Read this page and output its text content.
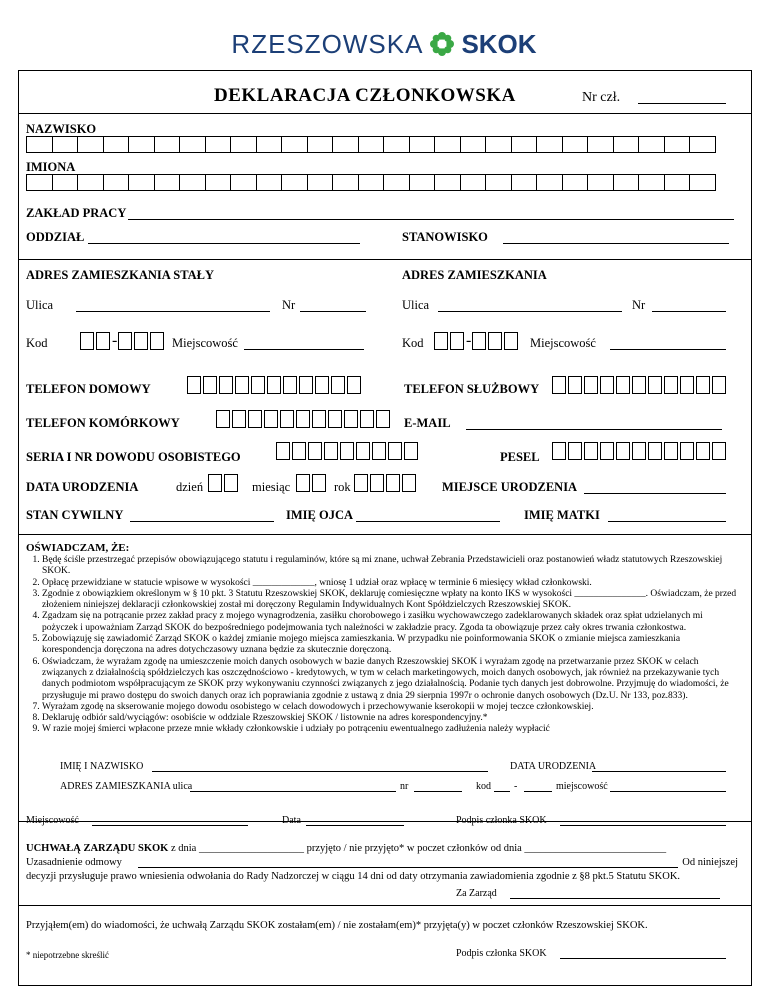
RZESZOWSKA SKOK
DEKLARACJA CZŁONKOWSKA	Nr czł.
NAZWISKO
IMIONA
ZAKŁAD PRACY
ODDZIAŁ	STANOWISKO
ADRES ZAMIESZKANIA STAŁY	ADRES ZAMIESZKANIA
Ulica	Nr	Ulica	Nr
Kod	-	Miejscowość	Kod	-	Miejscowość
TELEFON DOMOWY	TELEFON SŁUŻBOWY
TELEFON KOMÓRKOWY	E-MAIL
SERIA I NR DOWODU OSOBISTEGO	PESEL
DATA URODZENIA	dzień	miesiąc	rok	MIEJSCE URODZENIA
STAN CYWILNY	IMIĘ OJCA	IMIĘ MATKI
OŚWIADCZAM, ŻE:
1. Będę ściśle przestrzegać przepisów obowiązującego statutu i regulaminów, które są mi znane, uchwał Zebrania Przedstawicieli oraz postanowień władz statutowych Rzeszowskiej SKOK.
2. Opłacę przewidziane w statucie wpisowe w wysokości _____________, wniosę 1 udział oraz wpłacę w terminie 6 miesięcy wkład członkowski.
3. Zgodnie z obowiązkiem określonym w § 10 pkt. 3 Statutu Rzeszowskiej SKOK, deklaruję comiesięczne wpłaty na konto IKS w wysokości _______________. Oświadczam, że przed złożeniem niniejszej deklaracji członkowskiej został mi doręczony Regulamin Indywidualnych Kont Spółdzielczych Rzeszowskiej SKOK.
4. Zgadzam się na potrącanie przez zakład pracy z mojego wynagrodzenia, zasiłku chorobowego i zasiłku wychowawczego zadeklarowanych składek oraz spłat udzielanych mi pożyczek i upoważniam Zarząd SKOK do bezpośredniego podejmowania tych należności w zakładzie pracy. Zgoda ta obowiązuje przez cały okres trwania członkostwa.
5. Zobowiązuję się zawiadomić Zarząd SKOK o każdej zmianie mojego miejsca zamieszkania. W przypadku nie poinformowania SKOK o zmianie miejsca zamieszkania korespondencja doręczona na adres dotychczasowy uznana będzie za skutecznie doręczoną.
6. Oświadczam, że wyrażam zgodę na umieszczenie moich danych osobowych w bazie danych Rzeszowskiej SKOK i wyrażam zgodę na przetwarzanie przez SKOK w celach związanych z działalnością spółdzielczych kas oszczędnościowo - kredytowych, w tym w celach marketingowych, moich danych osobowych, jak również na przekazywanie tych danych podmiotom współpracującym ze SKOK przy wykonywaniu czynności związanych z jego działalnością. Podanie tych danych jest dobrowolne. Przyjmuję do wiadomości, że przysługuje mi prawo dostępu do swoich danych oraz ich poprawiania zgodnie z ustawą z dnia 29 sierpnia 1997r o ochronie danych osobowych (Dz.U. Nr 133, poz.833).
7. Wyrażam zgodę na skserowanie mojego dowodu osobistego w celach dowodowych i przechowywanie kserokopii w mojej teczce członkowskiej.
8. Deklaruję odbiór sald/wyciągów: osobiście w oddziale Rzeszowskiej SKOK / listownie na adres korespondencyjny.*
9. W razie mojej śmierci wpłacone przeze mnie wkłady członkowskie i udziały po potrąceniu ewentualnego zadłużenia należy wypłacić
IMIĘ I NAZWISKO	DATA URODZENIA
ADRES ZAMIESZKANIA ulica	nr	kod -	miejscowość
Miejscowość	Data	Podpis członka SKOK
UCHWAŁĄ ZARZĄDU SKOK z dnia ____________________ przyjęto / nie przyjęto* w poczet członków od dnia ___________________________
Uzasadnienie odmowy	Od niniejszej
decyzji przysługuje prawo wniesienia odwołania do Rady Nadzorczej w ciągu 14 dni od daty otrzymania zawiadomienia zgodnie z §8 pkt.5 Statutu SKOK.
Za Zarząd
Przyjąłem(em) do wiadomości, że uchwałą Zarządu SKOK zostałam(em) / nie zostałam(em)* przyjęta(y) w poczet członków Rzeszowskiej SKOK.
* niepotrzebne skreślić	Podpis członka SKOK
